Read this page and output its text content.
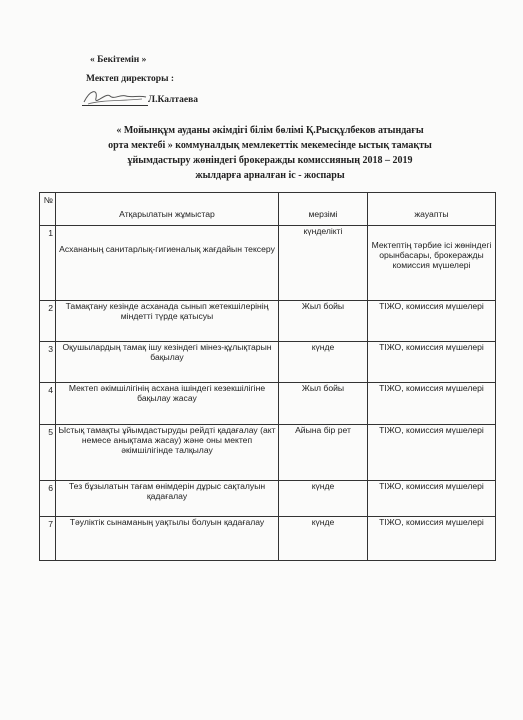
« Бекітемін »
Мектеп директоры :
Л.Калтаева
« Мойынқұм ауданы әкімдігі білім бөлімі Қ.Рысқұлбеков атындағы
орта мектебі » коммуналдық мемлекеттік мекемесінде ыстық тамақты
ұйымдастыру жөніндегі брокеражды комиссияның 2018 – 2019
жылдарға арналған іс - жоспары
№	Атқарылатын жұмыстар	мерзімі	жауапты

1	Асхананың санитарлық-гигиеналық жағдайын тексеру	күнделікті	Мектептің тәрбие ісі жөніндегі орынбасары, брокеражды комиссия мүшелері

2	Тамақтану кезінде асханада сынып жетекшілерінің міндетті түрде қатысуы	Жыл бойы	ТІЖО, комиссия мүшелері
3	Оқушылардың тамақ ішу кезіндегі мінез-құлықтарын бақылау	күнде	ТІЖО, комиссия мүшелері
4	Мектеп әкімшілігінің асхана ішіндегі кезекшілігіне бақылау жасау	Жыл бойы	ТІЖО, комиссия мүшелері
5	Ыстық тамақты ұйымдастыруды рейдті қадағалау (акт немесе анықтама жасау) және оны мектеп әкімшілігінде талқылау	Айына бір рет	ТІЖО, комиссия мүшелері
6	Тез бұзылатын тағам өнімдерін дұрыс сақталуын қадағалау	күнде	ТІЖО, комиссия мүшелері
7	Тәуліктік сынаманың уақтылы болуын қадағалау	күнде	ТІЖО, комиссия мүшелері
